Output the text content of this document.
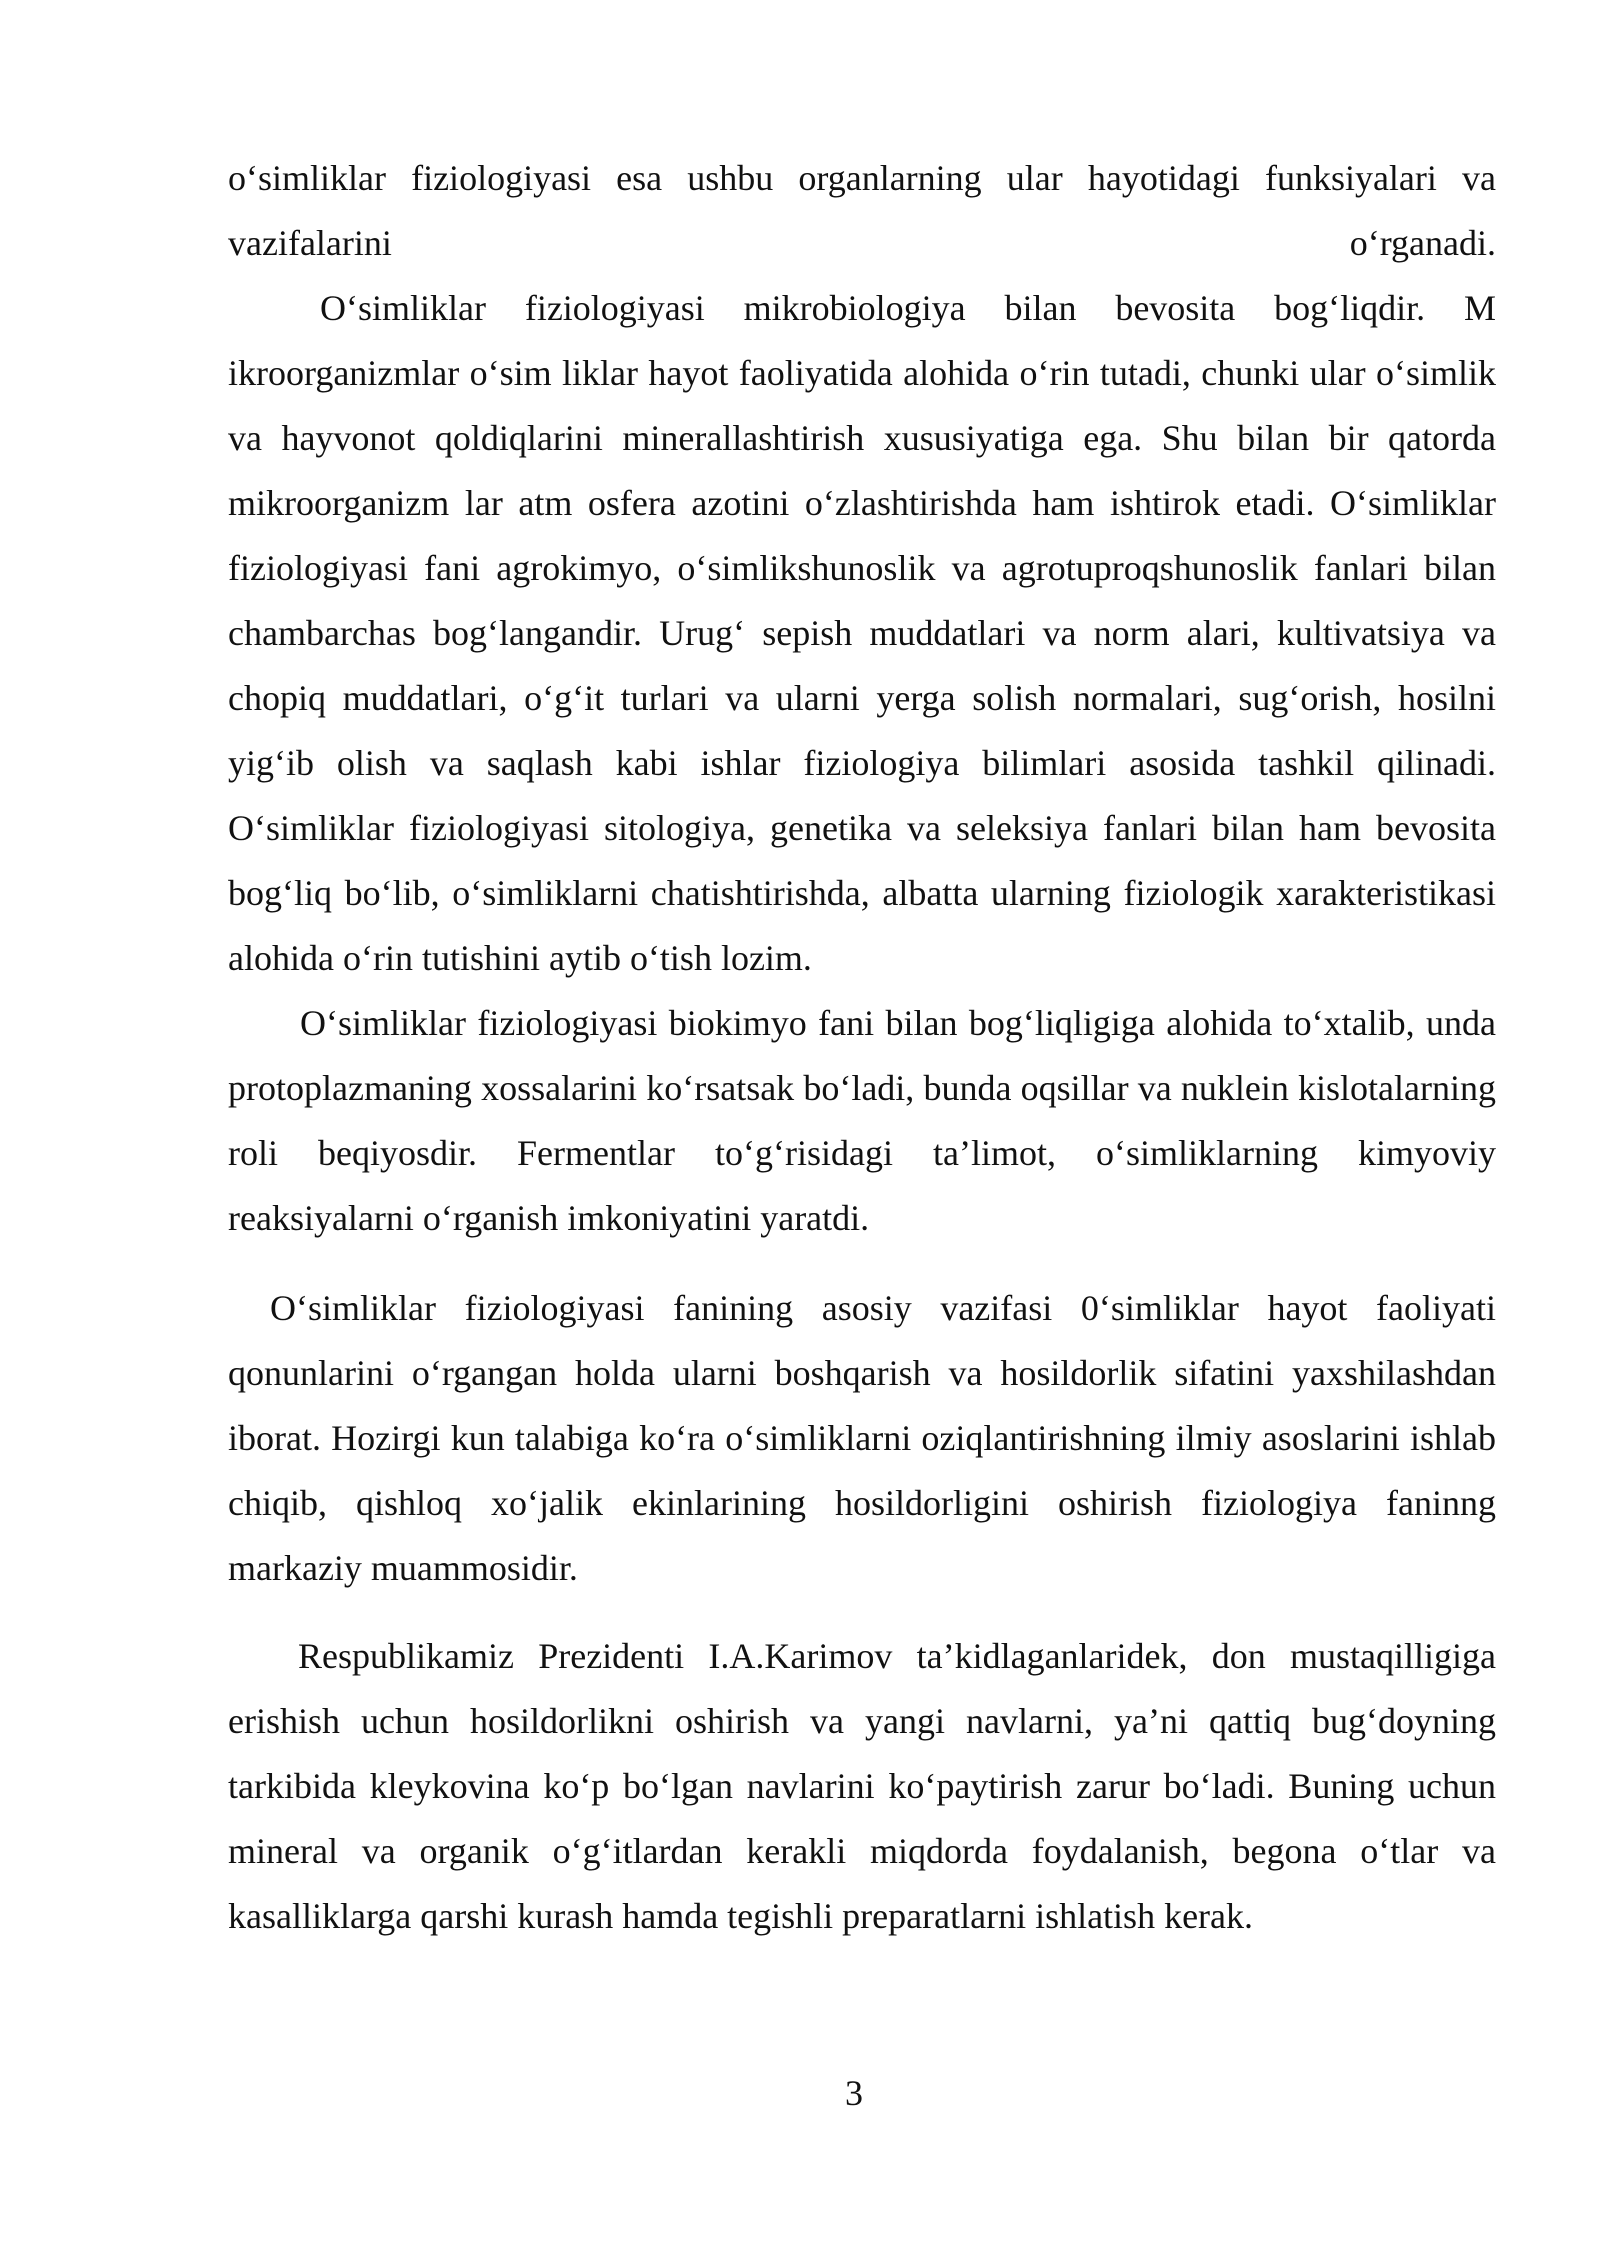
o‘simliklar fiziologiyasi esa ushbu organlarning ular hayotidagi funksiyalari va vazifalarini o‘rganadi.

O‘simliklar fiziologiyasi mikrobiologiya bilan bevosita bog‘liqdir. M ikroorganizmlar o‘sim liklar hayot faoliyatida alohida o‘rin tutadi, chunki ular o‘simlik va hayvonot qoldiqlarini minerallashtirish xususiyatiga ega. Shu bilan bir qatorda mikroorganizm lar atm osfera azotini o‘zlashtirishda ham ishtirok etadi. O‘simliklar fiziologiyasi fani agrokimyo, o‘simlikshunoslik va agrotuproqshunoslik fanlari bilan chambarchas bog‘langandir. Urug‘ sepish muddatlari va norm alari, kultivatsiya va chopiq muddatlari, o‘g‘it turlari va ularni yerga solish normalari, sug‘orish, hosilni yig‘ib olish va saqlash kabi ishlar fiziologiya bilimlari asosida tashkil qilinadi. O‘simliklar fiziologiyasi sitologiya, genetika va seleksiya fanlari bilan ham bevosita bog‘liq bo‘lib, o‘simliklarni chatishtirishda, albatta ularning fiziologik xarakteristikasi alohida o‘rin tutishini aytib o‘tish lozim.

O‘simliklar fiziologiyasi biokimyo fani bilan bog‘liqligiga alohida to‘xtalib, unda protoplazmaning xossalarini ko‘rsatsak bo‘ladi, bunda oqsillar va nuklein kislotalarning roli beqiyosdir. Fermentlar to‘g‘risidagi ta’limot, o‘simliklarning kimyoviy reaksiyalarni o‘rganish imkoniyatini yaratdi.

O‘simliklar fiziologiyasi fanining asosiy vazifasi 0‘simliklar hayot faoliyati qonunlarini o‘rgangan holda ularni boshqarish va hosildorlik sifatini yaxshilashdan iborat. Hozirgi kun talabiga ko‘ra o‘simliklarni oziqlantirishning ilmiy asoslarini ishlab chiqib, qishloq xo‘jalik ekinlarining hosildorligini oshirish fiziologiya faninng markaziy muammosidir.

Respublikamiz Prezidenti I.A.Karimov ta’kidlaganlaridek, don mustaqilligiga erishish uchun hosildorlikni oshirish va yangi navlarni, ya’ni qattiq bug‘doyning tarkibida kleykovina ko‘p bo‘lgan navlarini ko‘paytirish zarur bo‘ladi. Buning uchun mineral va organik o‘g‘itlardan kerakli miqdorda foydalanish, begona o‘tlar va kasalliklarga qarshi kurash hamda tegishli preparatlarni ishlatish kerak.

3
